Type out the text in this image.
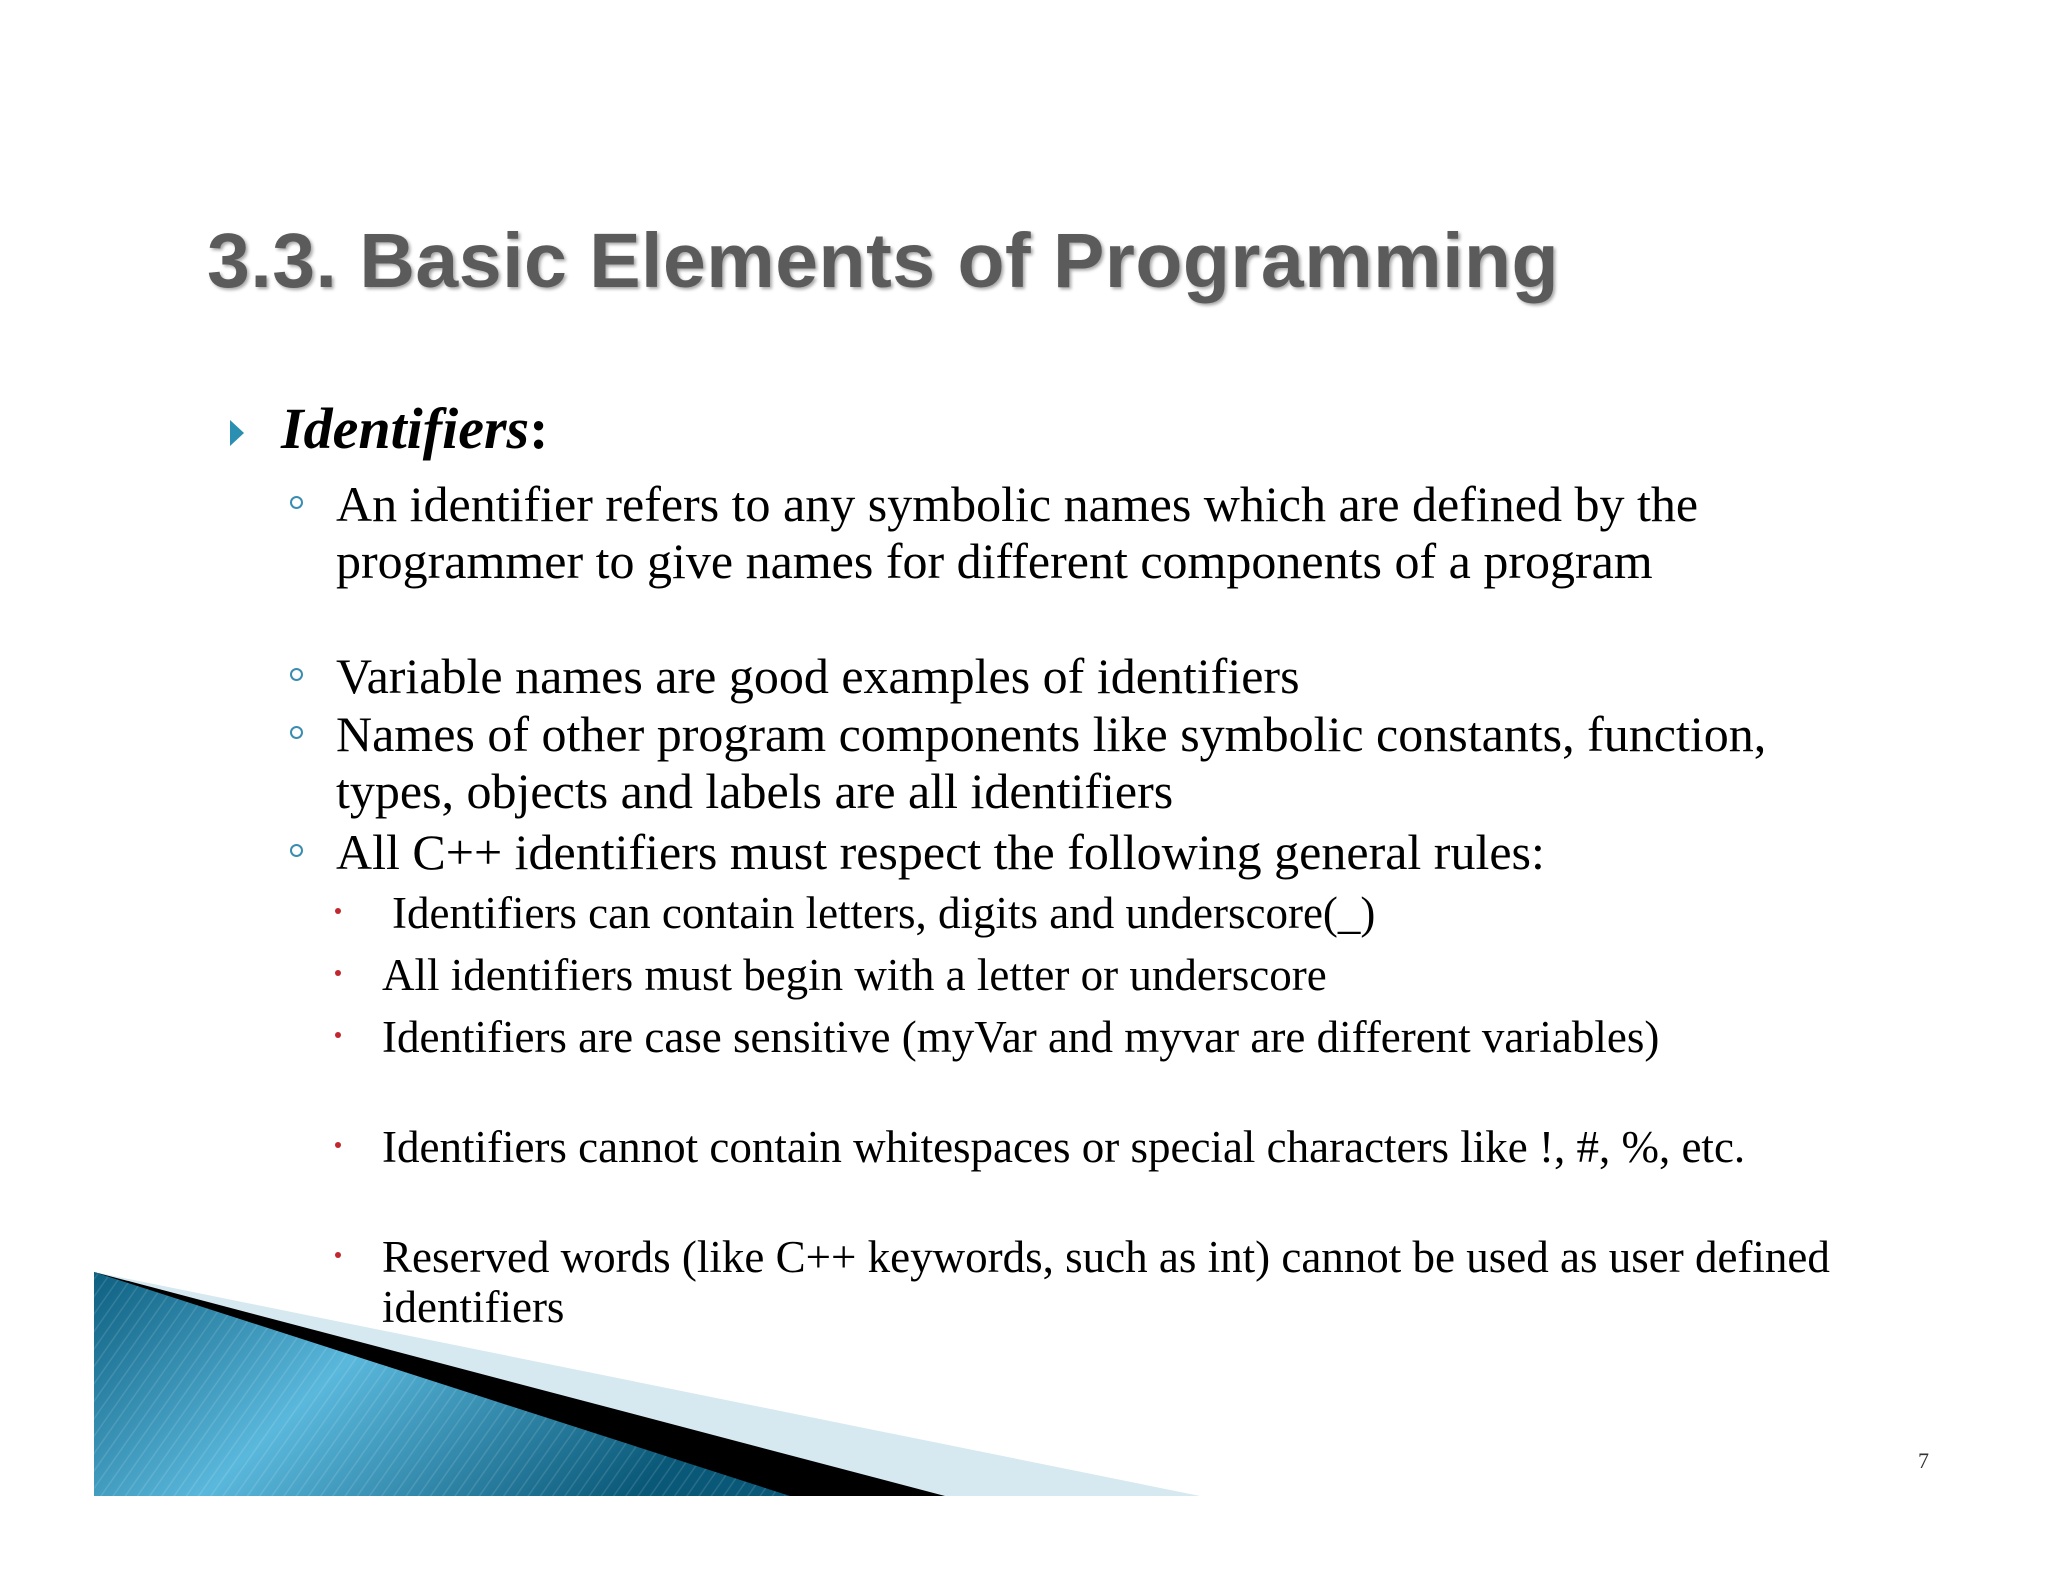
3.3. Basic Elements of Programming
Identifiers:
An identifier refers to any symbolic names which are defined by the programmer to give names for different components of a program
Variable names are good examples of identifiers
Names of other program components like symbolic constants, function, types, objects and labels are all identifiers
All C++ identifiers must respect the following general rules:
Identifiers can contain letters, digits and underscore(_)
All identifiers must begin with a letter or underscore
Identifiers are case sensitive (myVar and myvar are different variables)
Identifiers cannot contain whitespaces or special characters like !, #, %, etc.
Reserved words (like C++ keywords, such as int) cannot be used as user defined identifiers
7
